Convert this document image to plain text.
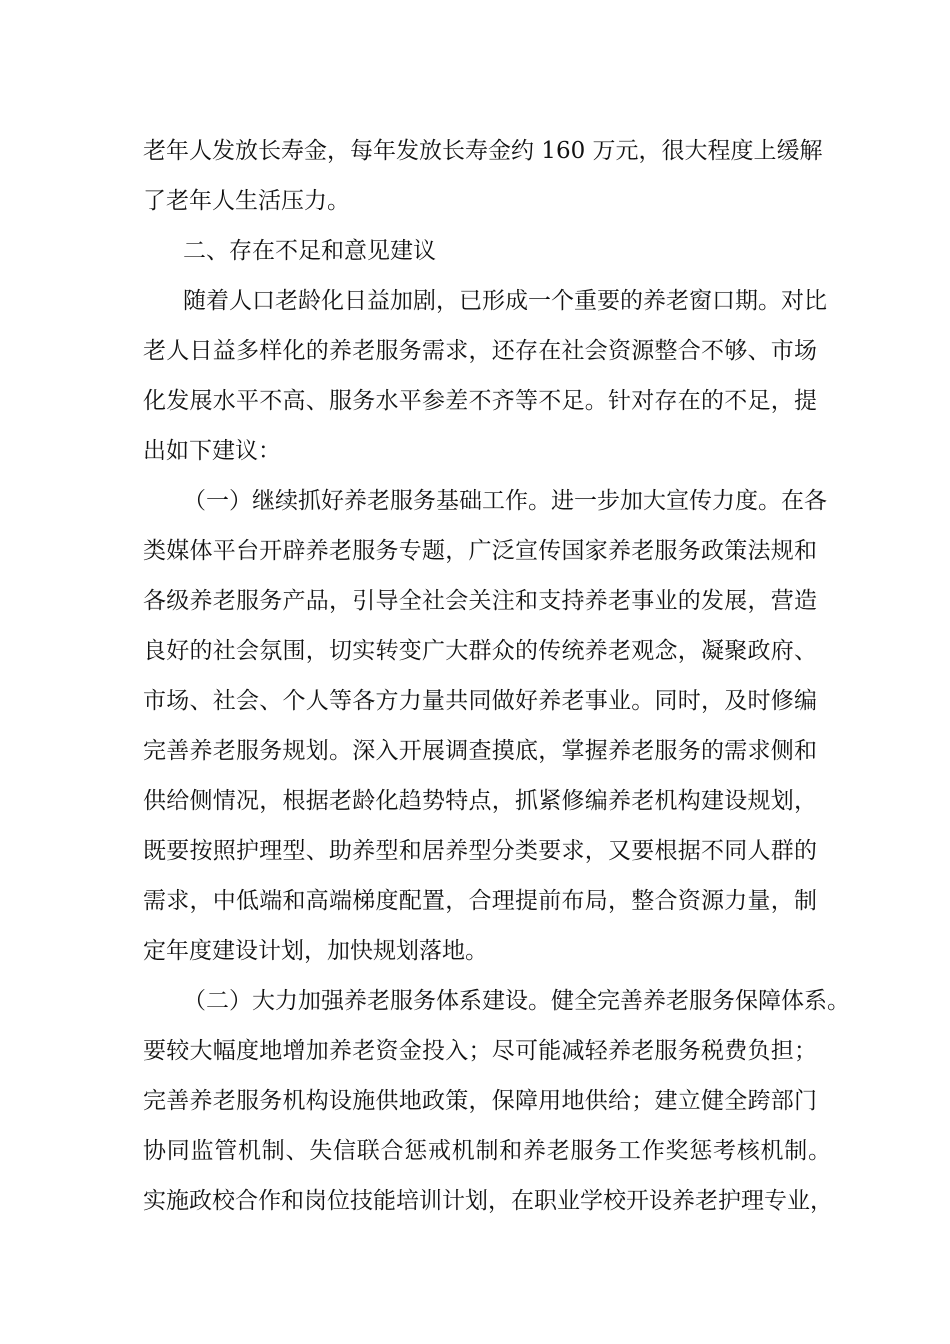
老年人发放长寿金，每年发放长寿金约 160 万元，很大程度上缓解

了老年人生活压力。

二、存在不足和意见建议

随着人口老龄化日益加剧，已形成一个重要的养老窗口期。对比

老人日益多样化的养老服务需求，还存在社会资源整合不够、市场

化发展水平不高、服务水平参差不齐等不足。针对存在的不足，提

出如下建议：

（一）继续抓好养老服务基础工作。进一步加大宣传力度。在各

类媒体平台开辟养老服务专题，广泛宣传国家养老服务政策法规和

各级养老服务产品，引导全社会关注和支持养老事业的发展，营造

良好的社会氛围，切实转变广大群众的传统养老观念，凝聚政府、

市场、社会、个人等各方力量共同做好养老事业。同时，及时修编

完善养老服务规划。深入开展调查摸底，掌握养老服务的需求侧和

供给侧情况，根据老龄化趋势特点，抓紧修编养老机构建设规划，

既要按照护理型、助养型和居养型分类要求，又要根据不同人群的

需求，中低端和高端梯度配置，合理提前布局，整合资源力量，制

定年度建设计划，加快规划落地。

（二）大力加强养老服务体系建设。健全完善养老服务保障体系。

要较大幅度地增加养老资金投入；尽可能减轻养老服务税费负担；

完善养老服务机构设施供地政策，保障用地供给；建立健全跨部门

协同监管机制、失信联合惩戒机制和养老服务工作奖惩考核机制。

实施政校合作和岗位技能培训计划，在职业学校开设养老护理专业，
